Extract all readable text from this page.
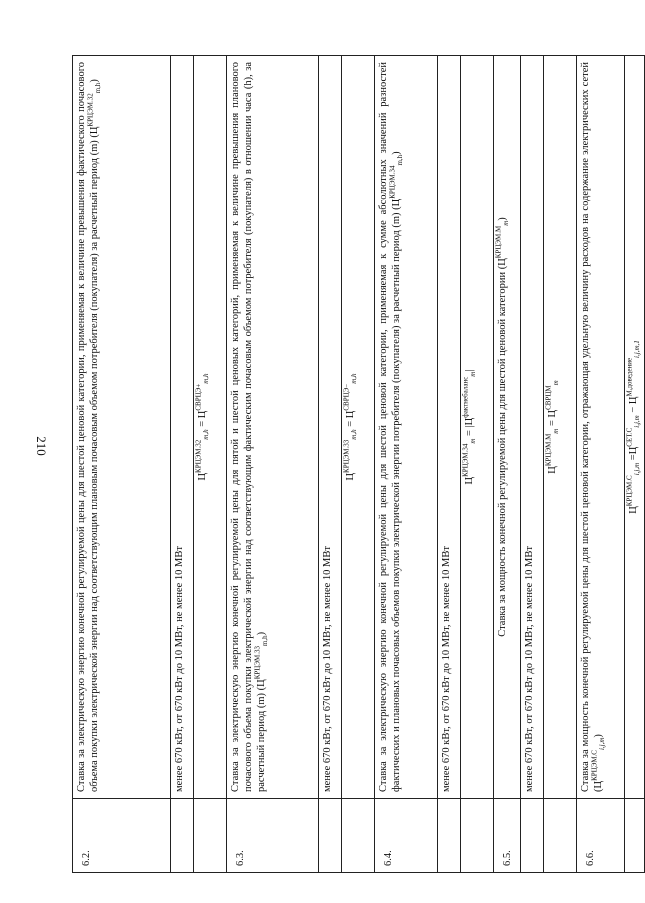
210
6.2.	Ставка за электрическую энергию конечной регулируемой цены для шестой ценовой категории, применяемая к величине превышения фактического почасового объема покупки электрической энергии над соответствующим плановым почасовым объемом потребителя (покупателя) за расчетный период (m) $(Ц^{КРЦЭМ.32}_{m,h})$
	менее 670 кВт, от 670 кВт до 10 МВт, не менее 10 МВт
	$Ц^{КРЦЭМ.32}_{m,h} = Ц^{СВРЦЭ+}_{m,h}$
6.3.	Ставка за электрическую энергию конечной регулируемой цены для пятой и шестой ценовых категорий, применяемая к величине превышения планового почасового объема покупки электрической энергии над соответствующим фактическим почасовым объемом потребителя (покупателя) в отношении часа (h), за расчетный период (m) $(Ц^{КРЦЭМ.33}_{m,h})$
	менее 670 кВт, от 670 кВт до 10 МВт, не менее 10 МВт
	$Ц^{КРЦЭМ.33}_{m,h} = Ц^{СВРЦЭ-}_{m,h}$
6.4.	Ставка за электрическую энергию конечной регулируемой цены для шестой ценовой категории, применяемая к сумме абсолютных значений разностей фактических и плановых почасовых объемов покупки электрической энергии потребителя (покупателя) за расчетный период (m) $(Ц^{КРЦЭМ.34}_{m,h})$
	менее 670 кВт, от 670 кВт до 10 МВт, не менее 10 МВт
	$Ц^{КРЦЭМ.34}_m = |Ц^{фактнебаланс}_m|$
6.5.	Ставка за мощность конечной регулируемой цены для шестой ценовой категории $(Ц^{КРЦЭМ.М}_m)$
	менее 670 кВт, от 670 кВт до 10 МВт, не менее 10 МВт
	$Ц^{КРЦЭМ.М}_m = Ц^{СВРЦМ}_m$
6.6.	Ставка за мощность конечной регулируемой цены для шестой ценовой категории, отражающая удельную величину расходов на содержание электрических сетей $(Ц^{КРЦЭМ.С}_{i,j,m})$
	$Ц^{КРЦЭМ.С}_{i,j,m} =Ц^{СЕТ.С}_{i,j,m} - Ц^{М,доведение}_{i,j,m,1}$
